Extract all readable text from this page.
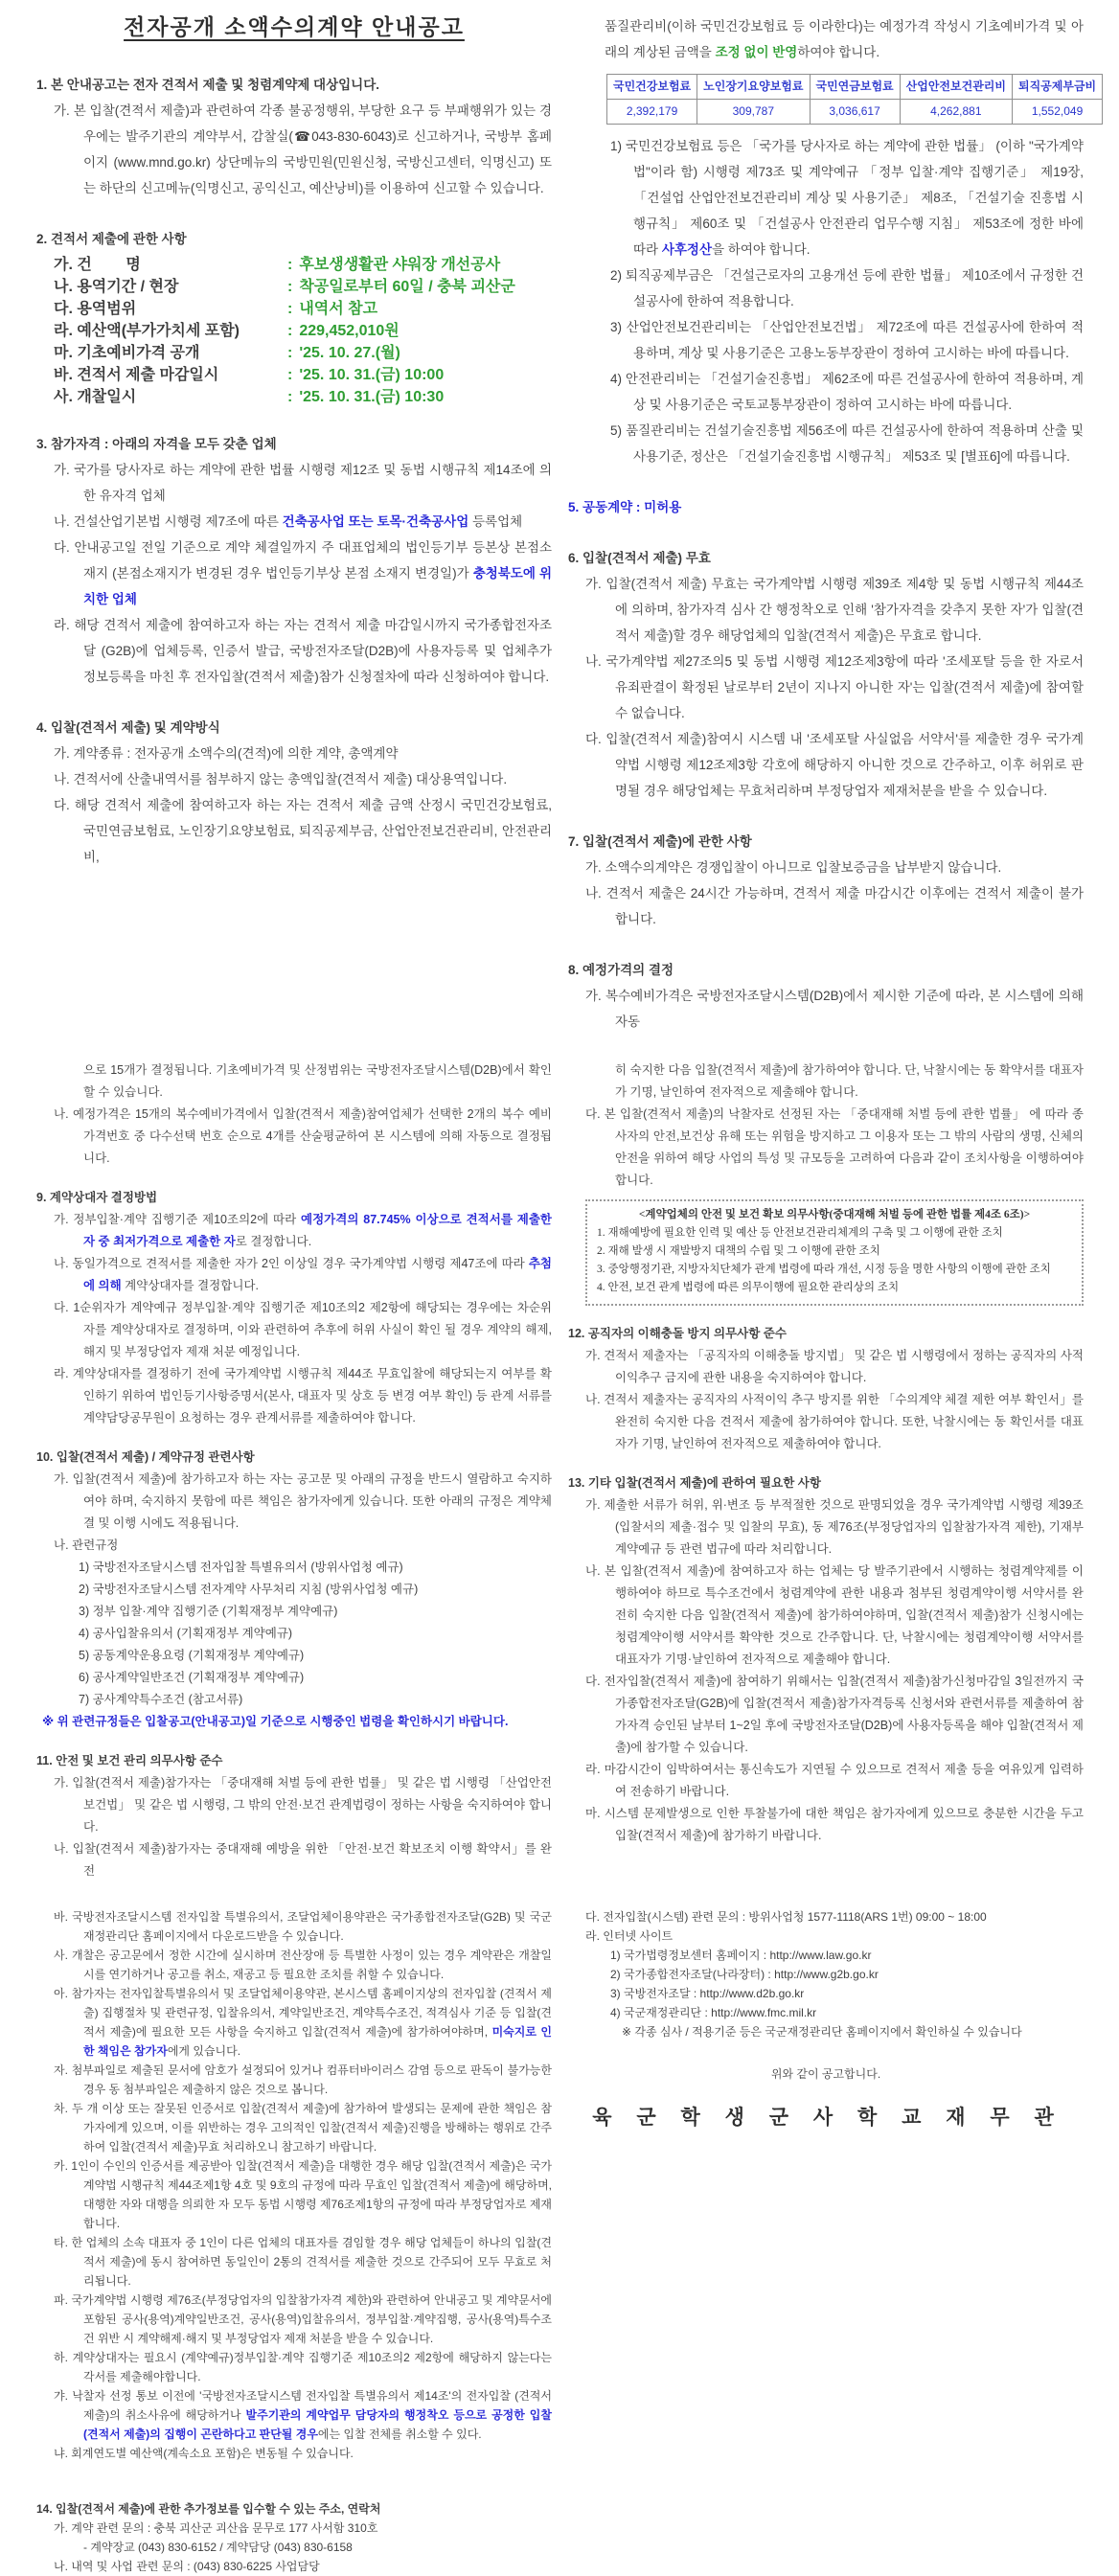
전자공개 소액수의계약 안내공고

1. 본 안내공고는 전자 견적서 제출 및 청렴계약제 대상입니다.

가. 본 입찰(견적서 제출)과 관련하여 각종 불공정행위, 부당한 요구 등 부패행위가 있는 경우에는 발주기관의 계약부서, 감찰실(☎043-830-6043)로 신고하거나, 국방부 홈페이지 (www.mnd.go.kr) 상단메뉴의 국방민원(민원신청, 국방신고센터, 익명신고) 또는 하단의 신고메뉴(익명신고, 공익신고, 예산낭비)를 이용하여 신고할 수 있습니다.

2. 견적서 제출에 관한 사항

가. 건        명	: 후보생생활관 샤워장 개선공사
나. 용역기간 / 현장	: 착공일로부터 60일 / 충북 괴산군
다. 용역범위	: 내역서 참고
라. 예산액(부가가치세 포함)	: 229,452,010원
마. 기초예비가격 공개	: '25. 10. 27.(월)
바. 견적서 제출 마감일시	: '25. 10. 31.(금) 10:00
사. 개찰일시	: '25. 10. 31.(금) 10:30

3. 참가자격 : 아래의 자격을 모두 갖춘 업체

가. 국가를 당사자로 하는 계약에 관한 법률 시행령 제12조 및 동법 시행규칙 제14조에 의한 유자격 업체

나. 건설산업기본법 시행령 제7조에 따른 건축공사업 또는 토목·건축공사업 등록업체

다. 안내공고일 전일 기준으로 계약 체결일까지 주 대표업체의 법인등기부 등본상 본점소재지 (본점소재지가 변경된 경우 법인등기부상 본점 소재지 변경일)가 충청북도에 위치한 업체

라. 해당 견적서 제출에 참여하고자 하는 자는 견적서 제출 마감일시까지 국가종합전자조달 (G2B)에 업체등록, 인증서 발급, 국방전자조달(D2B)에 사용자등록 및 업체추가 정보등록을 마친 후 전자입찰(견적서 제출)참가 신청절차에 따라 신청하여야 합니다.

4. 입찰(견적서 제출) 및 계약방식

가. 계약종류 : 전자공개 소액수의(견적)에 의한 계약, 총액계약

나. 견적서에 산출내역서를 첨부하지 않는 총액입찰(견적서 제출) 대상용역입니다.

다. 해당 견적서 제출에 참여하고자 하는 자는 견적서 제출 금액 산정시 국민건강보험료, 국민연금보험료, 노인장기요양보험료, 퇴직공제부금, 산업안전보건관리비, 안전관리비,

품질관리비(이하 국민건강보험료 등 이라한다)는 예정가격 작성시 기초예비가격 및 아래의 계상된 금액을 조정 없이 반영하여야 합니다.

국민건강보험료	노인장기요양보험료	국민연금보험료	산업안전보건관리비	퇴직공제부금비
2,392,179	309,787	3,036,617	4,262,881	1,552,049

1) 국민건강보험료 등은 「국가를 당사자로 하는 계약에 관한 법률」 (이하 "국가계약법"이라 함) 시행령 제73조 및 계약예규 「정부 입찰·계약 집행기준」 제19장, 「건설업 산업안전보건관리비 계상 및 사용기준」 제8조, 「건설기술 진흥법 시행규칙」 제60조 및 「건설공사 안전관리 업무수행 지침」 제53조에 정한 바에 따라 사후정산을 하여야 합니다.

2) 퇴직공제부금은 「건설근로자의 고용개선 등에 관한 법률」 제10조에서 규정한 건설공사에 한하여 적용합니다.

3) 산업안전보건관리비는 「산업안전보건법」 제72조에 따른 건설공사에 한하여 적용하며, 계상 및 사용기준은 고용노동부장관이 정하여 고시하는 바에 따릅니다.

4) 안전관리비는 「건설기술진흥법」 제62조에 따른 건설공사에 한하여 적용하며, 계상 및 사용기준은 국토교통부장관이 정하여 고시하는 바에 따릅니다.

5) 품질관리비는 건설기술진흥법 제56조에 따른 건설공사에 한하여 적용하며 산출 및 사용기준, 정산은 「건설기술진흥법 시행규칙」 제53조 및 [별표6]에 따릅니다.

5. 공동계약 : 미허용

6. 입찰(견적서 제출) 무효

가. 입찰(견적서 제출) 무효는 국가계약법 시행령 제39조 제4항 및 동법 시행규칙 제44조에 의하며, 참가자격 심사 간 행정착오로 인해 '참가자격을 갖추지 못한 자'가 입찰(견적서 제출)할 경우 해당업체의 입찰(견적서 제출)은 무효로 합니다.

나. 국가계약법 제27조의5 및 동법 시행령 제12조제3항에 따라 '조세포탈 등을 한 자로서 유죄판결이 확정된 날로부터 2년이 지나지 아니한 자'는 입찰(견적서 제출)에 참여할 수 없습니다.

다. 입찰(견적서 제출)참여시 시스템 내 '조세포탈 사실없음 서약서'를 제출한 경우 국가계약법 시행령 제12조제3항 각호에 해당하지 아니한 것으로 간주하고, 이후 허위로 판명될 경우 해당업체는 무효처리하며 부정당업자 제재처분을 받을 수 있습니다.

7. 입찰(견적서 제출)에 관한 사항

가. 소액수의계약은 경쟁입찰이 아니므로 입찰보증금을 납부받지 않습니다.

나. 견적서 제출은 24시간 가능하며, 견적서 제출 마감시간 이후에는 견적서 제출이 불가합니다.

8. 예정가격의 결정

가. 복수예비가격은 국방전자조달시스템(D2B)에서 제시한 기준에 따라, 본 시스템에 의해 자동

으로 15개가 결정됩니다. 기초예비가격 및 산정범위는 국방전자조달시스템(D2B)에서 확인할 수 있습니다.

나. 예정가격은 15개의 복수예비가격에서 입찰(견적서 제출)참여업체가 선택한 2개의 복수 예비가격번호 중 다수선택 번호 순으로 4개를 산술평균하여 본 시스템에 의해 자동으로 결정됩니다.

9. 계약상대자 결정방법

가. 정부입찰·계약 집행기준 제10조의2에 따라 예정가격의 87.745% 이상으로 견적서를 제출한 자 중 최저가격으로 제출한 자로 결정합니다.

나. 동일가격으로 견적서를 제출한 자가 2인 이상일 경우 국가계약법 시행령 제47조에 따라 추첨에 의해 계약상대자를 결정합니다.

다. 1순위자가 계약예규 정부입찰·계약 집행기준 제10조의2 제2항에 해당되는 경우에는 차순위자를 계약상대자로 결정하며, 이와 관련하여 추후에 허위 사실이 확인 될 경우 계약의 해제, 해지 및 부정당업자 제재 처분 예정입니다.

라. 계약상대자를 결정하기 전에 국가계약법 시행규칙 제44조 무효입찰에 해당되는지 여부를 확인하기 위하여 법인등기사항증명서(본사, 대표자 및 상호 등 변경 여부 확인) 등 관계 서류를 계약담당공무원이 요청하는 경우 관계서류를 제출하여야 합니다.

10. 입찰(견적서 제출) / 계약규정 관련사항

가. 입찰(견적서 제출)에 참가하고자 하는 자는 공고문 및 아래의 규정을 반드시 열람하고 숙지하여야 하며, 숙지하지 못함에 따른 책임은 참가자에게 있습니다. 또한 아래의 규정은 계약체결 및 이행 시에도 적용됩니다.

나. 관련규정

1) 국방전자조달시스템 전자입찰 특별유의서 (방위사업청 예규)

2) 국방전자조달시스템 전자계약 사무처리 지침 (방위사업청 예규)

3) 정부 입찰·계약 집행기준 (기획재정부 계약예규)

4) 공사입찰유의서 (기획재정부 계약예규)

5) 공동계약운용요령 (기획재정부 계약예규)

6) 공사계약일반조건 (기획재정부 계약예규)

7) 공사계약특수조건 (참고서류)

※ 위 관련규정들은 입찰공고(안내공고)일 기준으로 시행중인 법령을 확인하시기 바랍니다.

11. 안전 및 보건 관리 의무사항 준수

가. 입찰(견적서 제출)참가자는 「중대재해 처벌 등에 관한 법률」 및 같은 법 시행령 「산업안전보건법」 및 같은 법 시행령, 그 밖의 안전·보건 관계법령이 정하는 사항을 숙지하여야 합니다.

나. 입찰(견적서 제출)참가자는 중대재해 예방을 위한 「안전·보건 확보조치 이행 확약서」를 완전

히 숙지한 다음 입찰(견적서 제출)에 참가하여야 합니다. 단, 낙찰시에는 동 확약서를 대표자가 기명, 날인하여 전자적으로 제출해야 합니다.

다. 본 입찰(견적서 제출)의 낙찰자로 선정된 자는 「중대재해 처벌 등에 관한 법률」 에 따라 종사자의 안전,보건상 유해 또는 위험을 방지하고 그 이용자 또는 그 밖의 사람의 생명, 신체의 안전을 위하여 해당 사업의 특성 및 규모등을 고려하여 다음과 같이 조치사항을 이행하여야 합니다.

<계약업체의 안전 및 보건 확보 의무사항(중대재해 처벌 등에 관한 법률 제4조 6조)>

1. 재해예방에 필요한 인력 및 예산 등 안전보건관리체계의 구축 및 그 이행에 관한 조치

2. 재해 발생 시 재발방지 대책의 수립 및 그 이행에 관한 조치

3. 중앙행정기관, 지방자치단체가 관계 법령에 따라 개선, 시정 등을 명한 사항의 이행에 관한 조치

4. 안전, 보건 관계 법령에 따른 의무이행에 필요한 관리상의 조치

12. 공직자의 이해충돌 방지 의무사항 준수

가. 견적서 제출자는 「공직자의 이해충돌 방지법」 및 같은 법 시행령에서 정하는 공직자의 사적 이익추구 금지에 관한 내용을 숙지하여야 합니다.

나. 견적서 제출자는 공직자의 사적이익 추구 방지를 위한 「수의계약 체결 제한 여부 확인서」를 완전히 숙지한 다음 견적서 제출에 참가하여야 합니다. 또한, 낙찰시에는 동 확인서를 대표자가 기명, 날인하여 전자적으로 제출하여야 합니다.

13. 기타 입찰(견적서 제출)에 관하여 필요한 사항

가. 제출한 서류가 허위, 위·변조 등 부적절한 것으로 판명되었을 경우 국가계약법 시행령 제39조(입찰서의 제출·접수 및 입찰의 무효), 동 제76조(부정당업자의 입찰참가자격 제한), 기재부 계약예규 등 관련 법규에 따라 처리합니다.

나. 본 입찰(견적서 제출)에 참여하고자 하는 업체는 당 발주기관에서 시행하는 청렴계약제를 이행하여야 하므로 특수조건에서 청렴계약에 관한 내용과 첨부된 청렴계약이행 서약서를 완전히 숙지한 다음 입찰(견적서 제출)에 참가하여야하며, 입찰(견적서 제출)참가 신청시에는 청렴계약이행 서약서를 확약한 것으로 간주합니다. 단, 낙찰시에는 청렴계약이행 서약서를 대표자가 기명·날인하여 전자적으로 제출해야 합니다.

다. 전자입찰(견적서 제출)에 참여하기 위해서는 입찰(견적서 제출)참가신청마감일 3일전까지 국가종합전자조달(G2B)에 입찰(견적서 제출)참가자격등록 신청서와 관련서류를 제출하여 참가자격 승인된 날부터 1~2일 후에 국방전자조달(D2B)에 사용자등록을 해야 입찰(견적서 제출)에 참가할 수 있습니다.

라. 마감시간이 임박하여서는 통신속도가 지연될 수 있으므로 견적서 제출 등을 여유있게 입력하여 전송하기 바랍니다.

마. 시스템 문제발생으로 인한 투찰불가에 대한 책임은 참가자에게 있으므로 충분한 시간을 두고 입찰(견적서 제출)에 참가하기 바랍니다.

바. 국방전자조달시스템 전자입찰 특별유의서, 조달업체이용약관은 국가종합전자조달(G2B) 및 국군재정관리단 홈페이지에서 다운로드받을 수 있습니다.

사. 개찰은 공고문에서 정한 시간에 실시하며 전산장애 등 특별한 사정이 있는 경우 계약관은 개찰일시를 연기하거나 공고를 취소, 재공고 등 필요한 조치를 취할 수 있습니다.

아. 참가자는 전자입찰특별유의서 및 조달업체이용약관, 본시스템 홈페이지상의 전자입찰 (견적서 제출) 집행절차 및 관련규정, 입찰유의서, 계약일반조건, 계약특수조건, 적격심사 기준 등 입찰(견적서 제출)에 필요한 모든 사항을 숙지하고 입찰(견적서 제출)에 참가하여야하며, 미숙지로 인한 책임은 참가자에게 있습니다.

자. 첨부파일로 제출된 문서에 암호가 설정되어 있거나 컴퓨터바이러스 감염 등으로 판독이 불가능한 경우 동 첨부파일은 제출하지 않은 것으로 봅니다.

차. 두 개 이상 또는 잘못된 인증서로 입찰(견적서 제출)에 참가하여 발생되는 문제에 관한 책임은 참가자에게 있으며, 이를 위반하는 경우 고의적인 입찰(견적서 제출)진행을 방해하는 행위로 간주하여 입찰(견적서 제출)무효 처리하오니 참고하기 바랍니다.

카. 1인이 수인의 인증서를 제공받아 입찰(견적서 제출)을 대행한 경우 해당 입찰(견적서 제출)은 국가계약법 시행규칙 제44조제1항 4호 및 9호의 규정에 따라 무효인 입찰(견적서 제출)에 해당하며, 대행한 자와 대행을 의뢰한 자 모두 동법 시행령 제76조제1항의 규정에 따라 부정당업자로 제재합니다.

타. 한 업체의 소속 대표자 중 1인이 다른 업체의 대표자를 겸임할 경우 해당 업체들이 하나의 입찰(견적서 제출)에 동시 참여하면 동일인이 2통의 견적서를 제출한 것으로 간주되어 모두 무효로 처리됩니다.

파. 국가계약법 시행령 제76조(부정당업자의 입찰참가자격 제한)와 관련하여 안내공고 및 계약문서에 포함된 공사(용역)계약일반조건, 공사(용역)입찰유의서, 정부입찰·계약집행, 공사(용역)특수조건 위반 시 계약해제·해지 및 부정당업자 제재 처분을 받을 수 있습니다.

하. 계약상대자는 필요시 (계약예규)정부입찰·계약 집행기준 제10조의2 제2항에 해당하지 않는다는 각서를 제출해야합니다.

갸. 낙찰자 선정 통보 이전에 '국방전자조달시스템 전자입찰 특별유의서 제14조'의 전자입찰 (견적서 제출)의 취소사유에 해당하거나 발주기관의 계약업무 담당자의 행정착오 등으로 공정한 입찰(견적서 제출)의 집행이 곤란하다고 판단될 경우에는 입찰 전체를 취소할 수 있다.

냐. 회계연도별 예산액(계속소요 포함)은 변동될 수 있습니다.

14. 입찰(견적서 제출)에 관한 추가정보를 입수할 수 있는 주소, 연락처

가. 계약 관련 문의 : 충북 괴산군 괴산읍 문무로 177 사서함 310호

- 계약장교 (043) 830-6152 / 계약담당 (043) 830-6158

나. 내역 및 사업 관련 문의 : (043) 830-6225 사업담당

다. 전자입찰(시스템) 관련 문의 : 방위사업청 1577-1118(ARS 1번) 09:00 ~ 18:00

라. 인터넷 사이트

1) 국가법령정보센터 홈페이지 : http://www.law.go.kr

2) 국가종합전자조달(나라장터) : http://www.g2b.go.kr

3) 국방전자조달 : http://www.d2b.go.kr

4) 국군재정관리단 : http://www.fmc.mil.kr

※ 각종 심사 / 적용기준 등은 국군재정관리단 홈페이지에서 확인하실 수 있습니다

위와 같이 공고합니다.

육 군 학 생 군 사 학 교 재 무 관
